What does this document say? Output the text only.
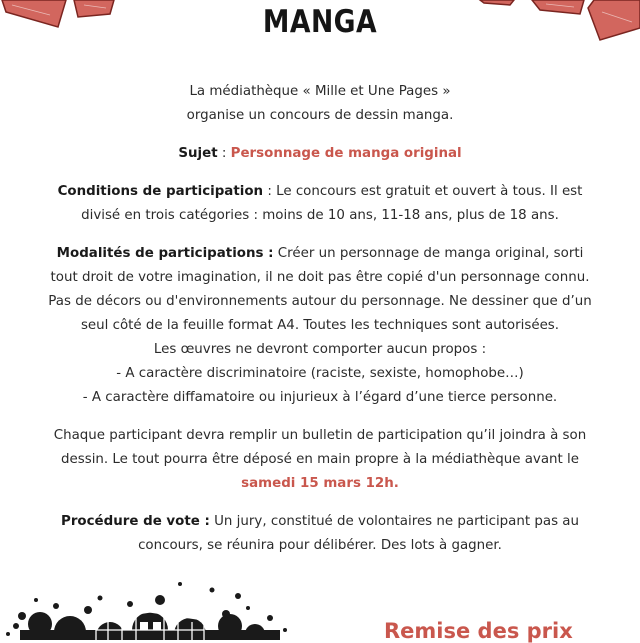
MANGA

La médiathèque « Mille et Une Pages »

organise un concours de dessin manga.

Sujet : Personnage de manga original

Conditions de participation : Le concours est gratuit et ouvert à tous. Il est

divisé en trois catégories : moins de 10 ans, 11-18 ans, plus de 18 ans.

Modalités de participations : Créer un personnage de manga original, sorti

tout droit de votre imagination, il ne doit pas être copié d'un personnage connu.

Pas de décors ou d'environnements autour du personnage. Ne dessiner que d’un

seul côté de la feuille format A4. Toutes les techniques sont autorisées.

Les œuvres ne devront comporter aucun propos :

- A caractère discriminatoire (raciste, sexiste, homophobe…)

- A caractère diffamatoire ou injurieux à l’égard d’une tierce personne.

Chaque participant devra remplir un bulletin de participation qu’il joindra à son

dessin. Le tout pourra être déposé en main propre à la médiathèque avant le

samedi 15 mars 12h.

Procédure de vote : Un jury, constitué de volontaires ne participant pas au

concours, se réunira pour délibérer. Des lots à gagner.

Remise des prix
